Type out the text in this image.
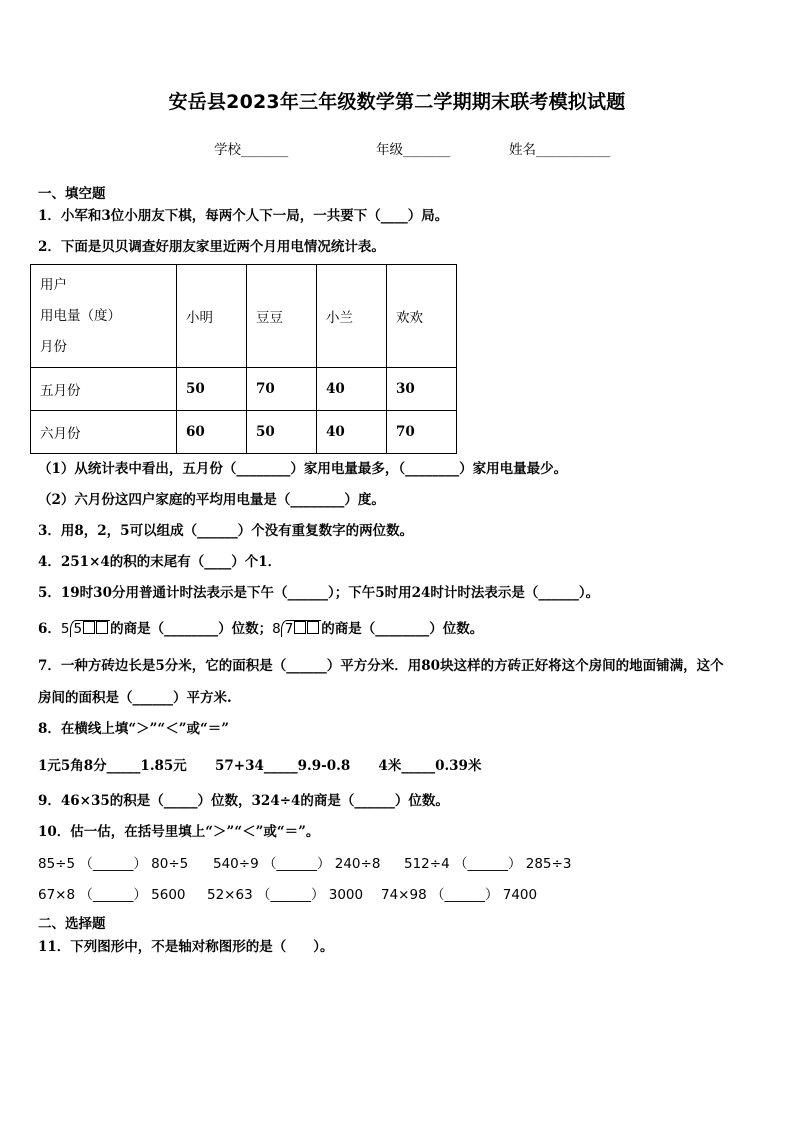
安岳县2023年三年级数学第二学期期末联考模拟试题
学校_______	年级_______	姓名___________
一、填空题
1．小军和3位小朋友下棋，每两个人下一局，一共要下（____）局。
2．下面是贝贝调查好朋友家里近两个月用电情况统计表。
用户
用电量（度）
月份	小明	豆豆	小兰	欢欢
五月份	50	70	40	30
六月份	60	50	40	70
（1）从统计表中看出，五月份（________）家用电量最多，（________）家用电量最少。
（2）六月份这四户家庭的平均用电量是（________）度。
3．用8，2，5可以组成（______）个没有重复数字的两位数。
4．251×4的积的末尾有（____）个1．
5．19时30分用普通计时法表示是下午（______）；下午5时用24时计时法表示是（______）。
6．5 5 的商是（________）位数；8 7 的商是（________）位数。
7．一种方砖边长是5分米，它的面积是（______）平方分米．用80块这样的方砖正好将这个房间的地面铺满，这个
房间的面积是（______）平方米.
8．在横线上填“＞”“＜”或“＝”
1元5角8分_____1.85元      57+34_____9.9-0.8      4米_____0.39米
9．46×35的积是（_____）位数，324÷4的商是（______）位数。
10．估一估，在括号里填上“＞”“＜”或“＝”。
85÷5 （______） 80÷5 540÷9 （______） 240÷8 512÷4 （______） 285÷3
67×8 （______） 5600 52×63 （______） 3000 74×98 （______） 7400
二、选择题
11．下列图形中，不是轴对称图形的是（　　）。
